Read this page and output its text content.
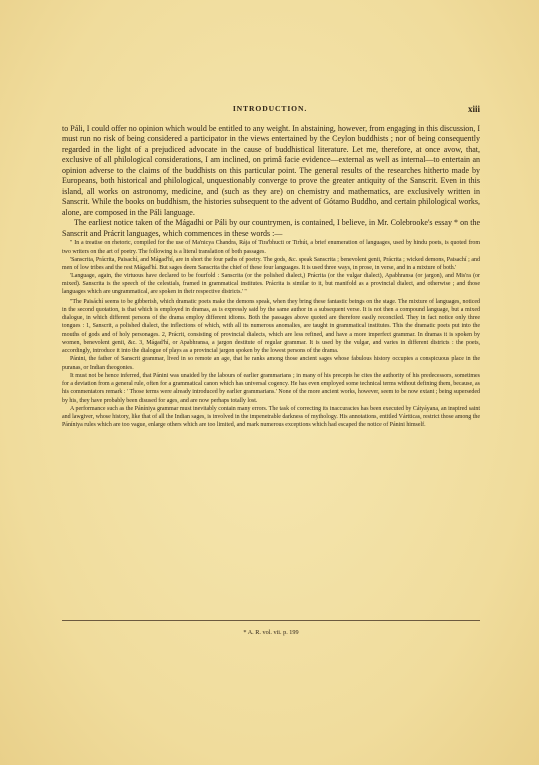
INTRODUCTION.	xiii

to Páli, I could offer no opinion which would be entitled to any weight. In abstaining, however, from engaging in this discussion, I must run no risk of being considered a participator in the views entertained by the Ceylon buddhists ; nor of being consequently regarded in the light of a prejudiced advocate in the cause of buddhistical literature. Let me, therefore, at once avow, that, exclusive of all philological considerations, I am inclined, on primâ facie evidence—external as well as internal—to entertain an opinion adverse to the claims of the buddhists on this particular point. The general results of the researches hitherto made by Europeans, both historical and philological, unquestionably converge to prove the greater antiquity of the Sanscrit. Even in this island, all works on astronomy, medicine, and (such as they are) on chemistry and mathematics, are exclusively written in Sanscrit. While the books on buddhism, the histories subsequent to the advent of Gótamo Buddho, and certain philological works, alone, are composed in the Páli language.

The earliest notice taken of the Mágadhi or Páli by our countrymen, is contained, I believe, in Mr. Colebrooke's essay * on the Sanscrit and Prácrit languages, which commences in these words :—

" In a treatise on rhetoric, compiled for the use of Ma'nicya Chandra, Rája of Tira'bhucti or Tirhút, a brief enumeration of languages, used by hindu poets, is quoted from two writers on the art of poetry. The following is a literal translation of both passages.

'Sanscrita, Prácrita, Paisachí, and Mágad'hí, are in short the four paths of poetry. The gods, &c. speak Sanscrita ; benevolent genii, Prácrita ; wicked demons, Paisachí ; and men of low tribes and the rest Mágad'hí. But sages deem Sanscrita the chief of these four languages. It is used three ways, in prose, in verse, and in a mixture of both.'

'Language, again, the virtuous have declared to be fourfold : Sanscrita (or the polished dialect,) Prácrita (or the vulgar dialect), Apabhransa (or jargon), and Mis'ra (or mixed). Sanscrita is the speech of the celestials, framed in grammatical institutes. Prácrita is similar to it, but manifold as a provincial dialect, and otherwise ; and those languages which are ungrammatical, are spoken in their respective districts.' "

"The Paisáchí seems to be gibberish, which dramatic poets make the demons speak, when they bring these fantastic beings on the stage. The mixture of languages, noticed in the second quotation, is that which is employed in dramas, as is expressly said by the same author in a subsequent verse. It is not then a compound language, but a mixed dialogue, in which different persons of the drama employ different idioms. Both the passages above quoted are therefore easily reconciled. They in fact notice only three tongues : 1, Sanscrit, a polished dialect, the inflections of which, with all its numerous anomalies, are taught in grammatical institutes. This the dramatic poets put into the mouths of gods and of holy personages. 2, Prácrit, consisting of provincial dialects, which are less refined, and have a more imperfect grammar. In dramas it is spoken by women, benevolent genii, &c. 3, Mágad'hí, or Apabhransa, a jargon destitute of regular grammar. It is used by the vulgar, and varies in different districts : the poets, accordingly, introduce it into the dialogue of plays as a provincial jargon spoken by the lowest persons of the drama.

Pánini, the father of Sanscrit grammar, lived in so remote an age, that he ranks among those ancient sages whose fabulous history occupies a conspicuous place in the puranas, or Indian theogonies.

It must not be hence inferred, that Pánini was unaided by the labours of earlier grammarians ; in many of his precepts he cites the authority of his predecessors, sometimes for a deviation from a general rule, often for a grammatical canon which has universal cogency. He has even employed some technical terms without defining them, because, as his commentators remark : ' Those terms were already introduced by earlier grammarians.' None of the more ancient works, however, seem to be now extant ; being superseded by his, they have probably been disused for ages, and are now perhaps totally lost.

A performance such as the Páníniya grammar must inevitably contain many errors. The task of correcting its inaccuracies has been executed by Cátyáyana, an inspired saint and lawgiver, whose history, like that of all the Indian sages, is involved in the impenetrable darkness of mythology. His annotations, entitled Vártticas, restrict those among the Páníniya rules which are too vague, enlarge others which are too limited, and mark numerous exceptions which had escaped the notice of Pánini himself.

* A. R. vol. vii. p. 199
